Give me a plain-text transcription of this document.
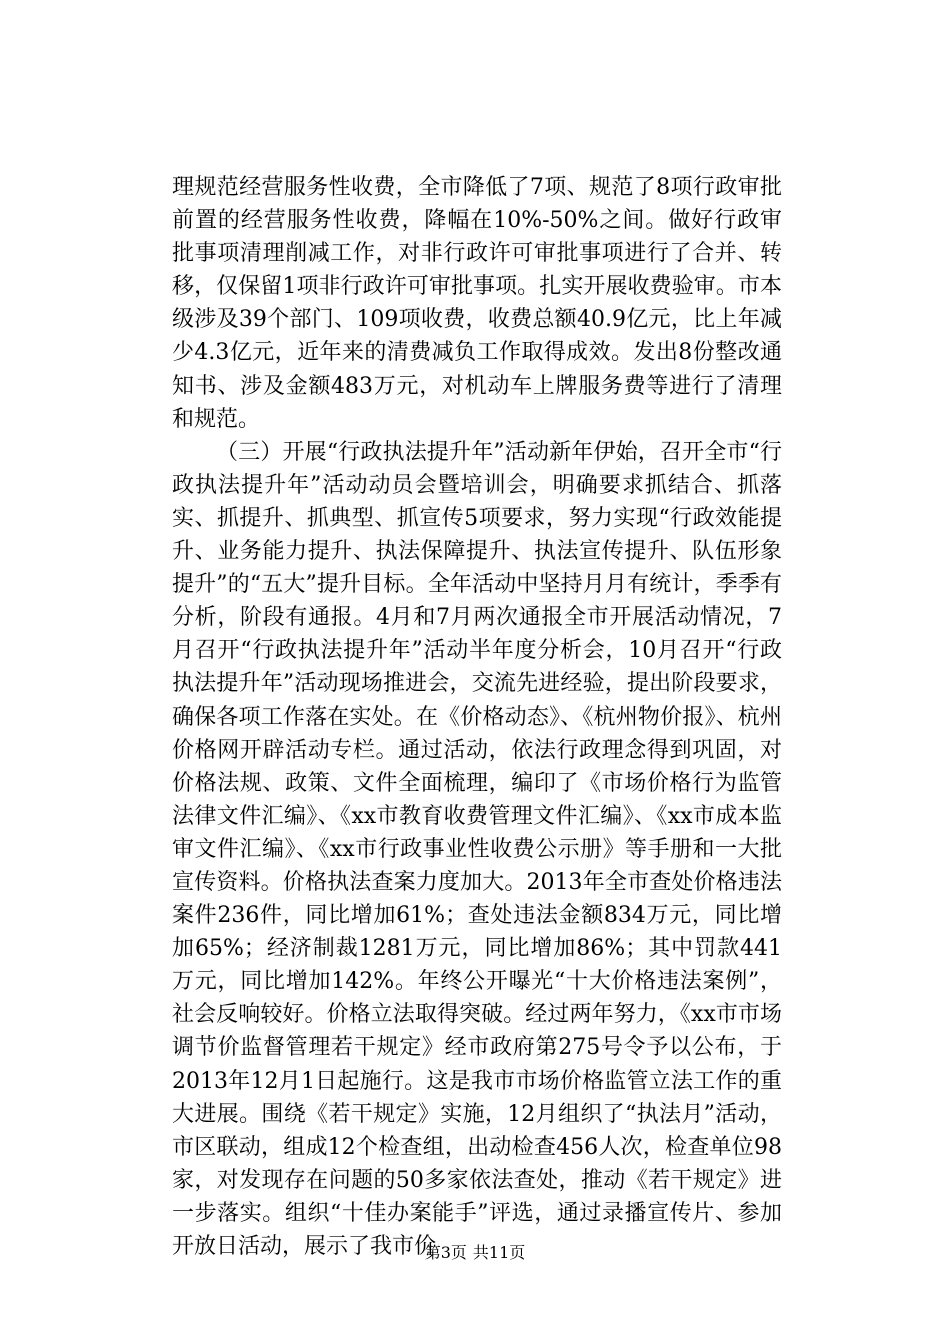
理规范经营服务性收费，全市降低了7项、规范了8项行政审批前置的经营服务性收费，降幅在10%-50%之间。做好行政审批事项清理削减工作，对非行政许可审批事项进行了合并、转移，仅保留1项非行政许可审批事项。扎实开展收费验审。市本级涉及39个部门、109项收费，收费总额40.9亿元，比上年减少4.3亿元，近年来的清费减负工作取得成效。发出8份整改通知书、涉及金额483万元，对机动车上牌服务费等进行了清理和规范。

（三）开展“行政执法提升年”活动新年伊始，召开全市“行政执法提升年”活动动员会暨培训会，明确要求抓结合、抓落实、抓提升、抓典型、抓宣传5项要求，努力实现“行政效能提升、业务能力提升、执法保障提升、执法宣传提升、队伍形象提升”的“五大”提升目标。全年活动中坚持月月有统计，季季有分析，阶段有通报。4月和7月两次通报全市开展活动情况，7月召开“行政执法提升年”活动半年度分析会，10月召开“行政执法提升年”活动现场推进会，交流先进经验，提出阶段要求，确保各项工作落在实处。在《价格动态》、《杭州物价报》、杭州价格网开辟活动专栏。通过活动，依法行政理念得到巩固，对价格法规、政策、文件全面梳理，编印了《市场价格行为监管法律文件汇编》、《xx市教育收费管理文件汇编》、《xx市成本监审文件汇编》、《xx市行政事业性收费公示册》等手册和一大批宣传资料。价格执法查案力度加大。2013年全市查处价格违法案件236件，同比增加61%；查处违法金额834万元，同比增加65%；经济制裁1281万元，同比增加86%；其中罚款441万元，同比增加142%。年终公开曝光“十大价格违法案例”，社会反响较好。价格立法取得突破。经过两年努力，《xx市市场调节价监督管理若干规定》经市政府第275号令予以公布，于2013年12月1日起施行。这是我市市场价格监管立法工作的重大进展。围绕《若干规定》实施，12月组织了“执法月”活动，市区联动，组成12个检查组，出动检查456人次，检查单位98家，对发现存在问题的50多家依法查处，推动《若干规定》进一步落实。组织“十佳办案能手”评选，通过录播宣传片、参加开放日活动，展示了我市价

第3页 共11页
